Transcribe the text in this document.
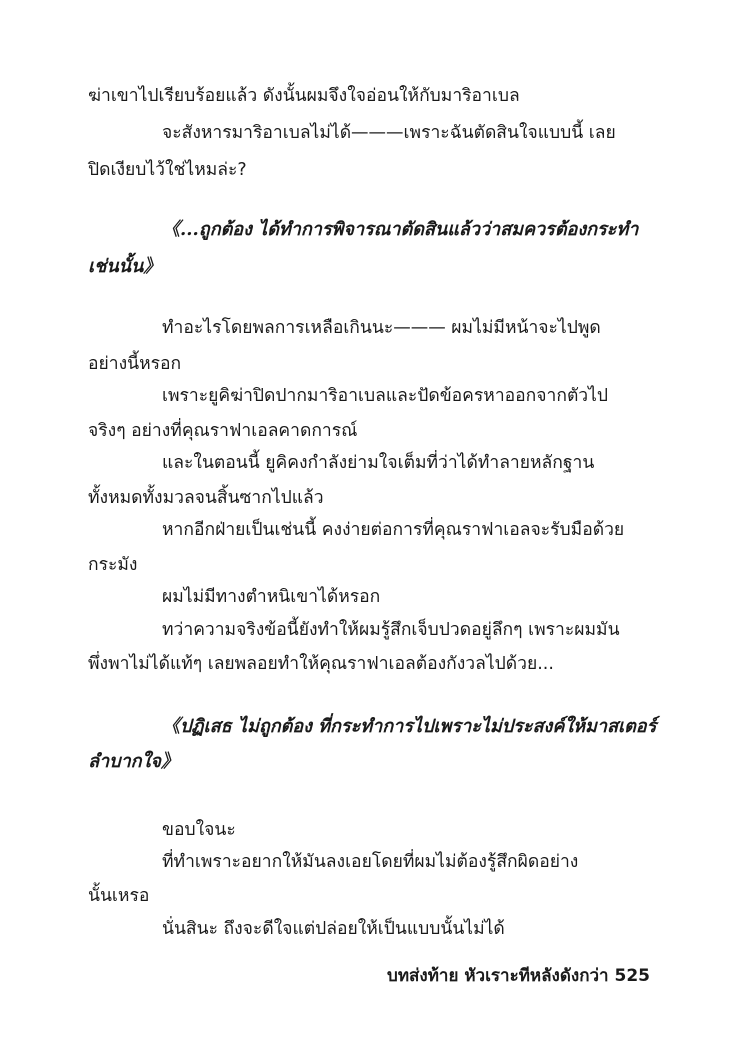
ฆ่าเขาไปเรียบร้อยแล้ว ดังนั้นผมจึงใจอ่อนให้กับมาริอาเบล
จะสังหารมาริอาเบลไม่ได้———เพราะฉันตัดสินใจแบบนี้ เลย
ปิดเงียบไว้ใช่ไหมล่ะ?
《...ถูกต้อง ได้ทำการพิจารณาตัดสินแล้วว่าสมควรต้องกระทำ
เช่นนั้น》
ทำอะไรโดยพลการเหลือเกินนะ——— ผมไม่มีหน้าจะไปพูด
อย่างนี้หรอก
เพราะยูคิฆ่าปิดปากมาริอาเบลและปัดข้อครหาออกจากตัวไป
จริงๆ อย่างที่คุณราฟาเอลคาดการณ์
และในตอนนี้ ยูคิคงกำลังย่ามใจเต็มที่ว่าได้ทำลายหลักฐาน
ทั้งหมดทั้งมวลจนสิ้นซากไปแล้ว
หากอีกฝ่ายเป็นเช่นนี้ คงง่ายต่อการที่คุณราฟาเอลจะรับมือด้วย
กระมัง
ผมไม่มีทางตำหนิเขาได้หรอก
ทว่าความจริงข้อนี้ยังทำให้ผมรู้สึกเจ็บปวดอยู่ลึกๆ เพราะผมมัน
พึ่งพาไม่ได้แท้ๆ เลยพลอยทำให้คุณราฟาเอลต้องกังวลไปด้วย...
《ปฏิเสธ ไม่ถูกต้อง ที่กระทำการไปเพราะไม่ประสงค์ให้มาสเตอร์
ลำบากใจ》
ขอบใจนะ
ที่ทำเพราะอยากให้มันลงเอยโดยที่ผมไม่ต้องรู้สึกผิดอย่าง
นั้นเหรอ
นั่นสินะ ถึงจะดีใจแต่ปล่อยให้เป็นแบบนั้นไม่ได้
บทส่งท้าย หัวเราะทีหลังดังกว่า 525
